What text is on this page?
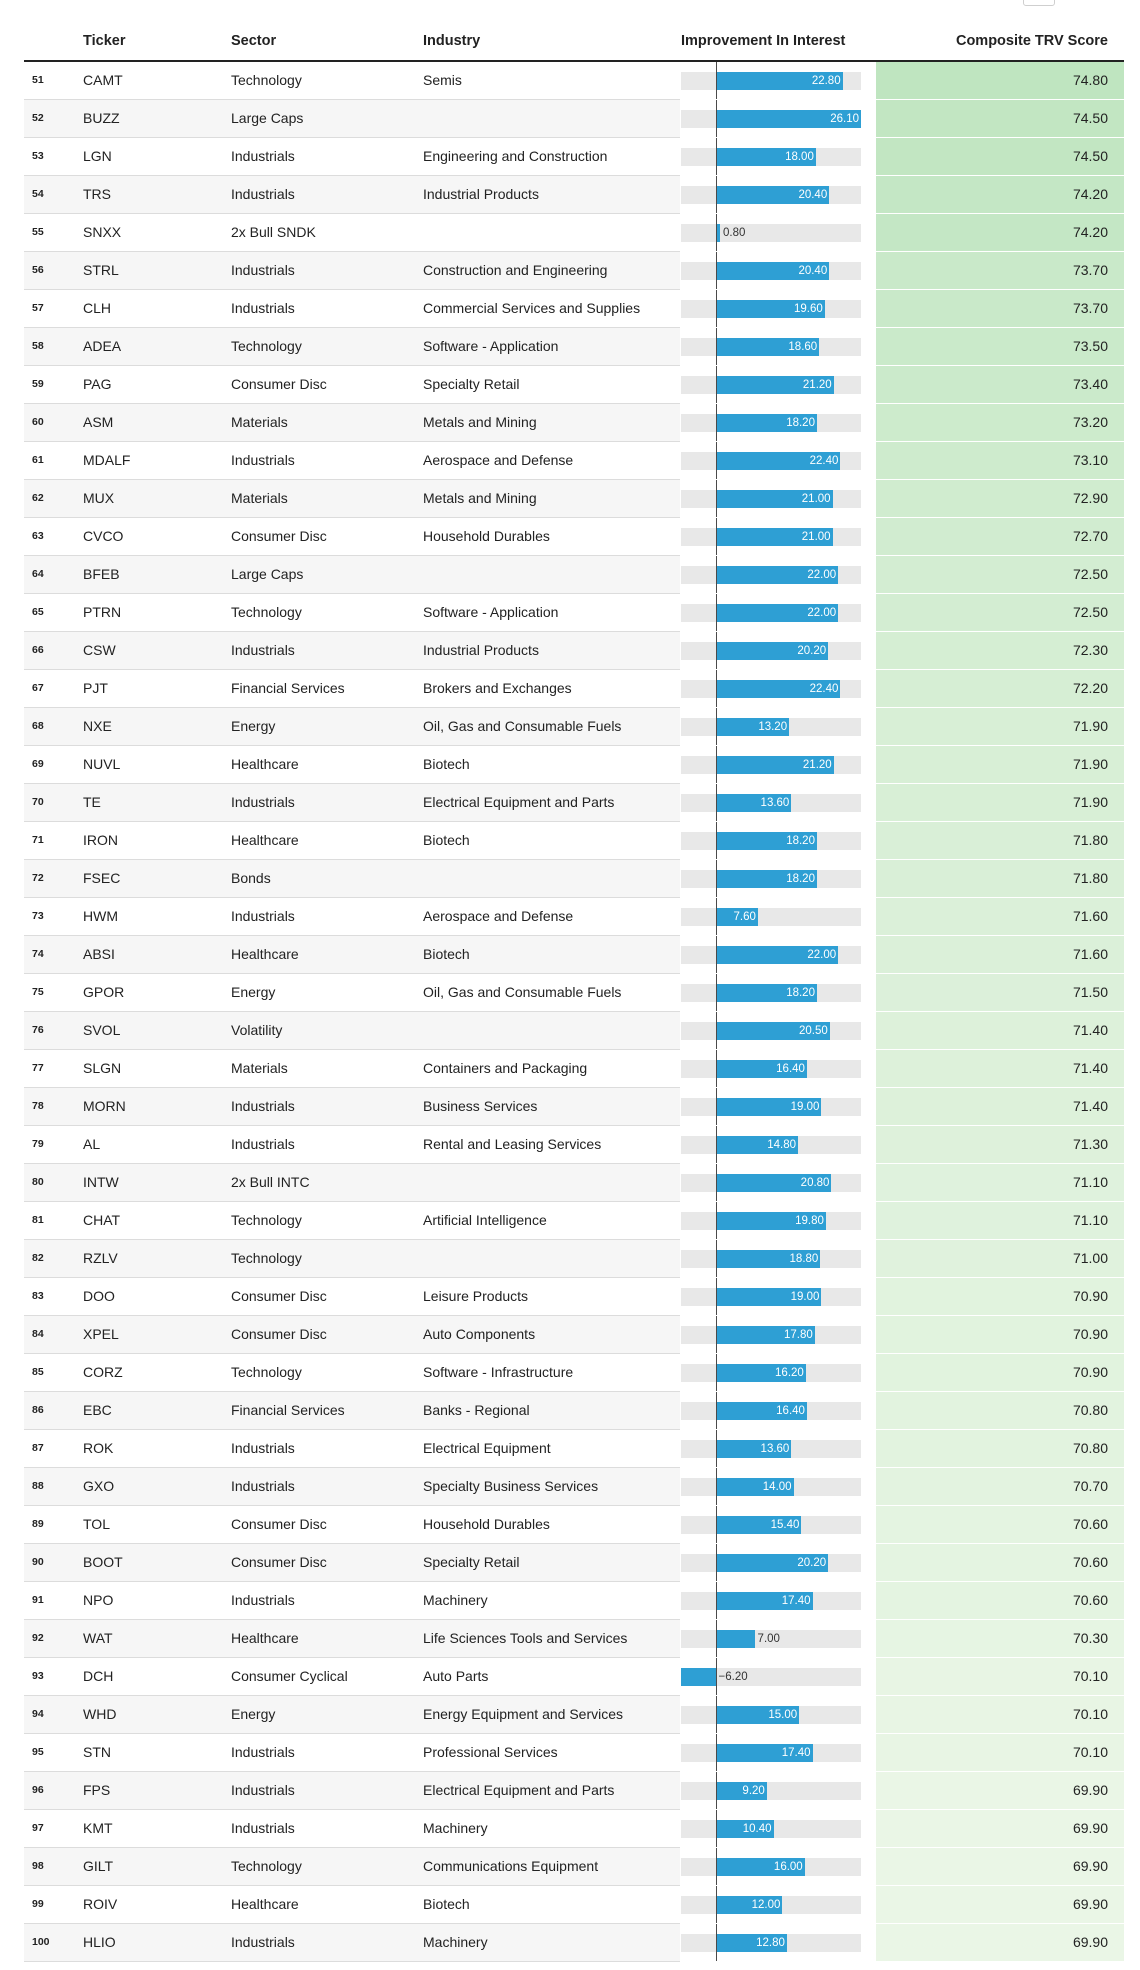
	Ticker	Sector	Industry	Improvement In Interest	Composite TRV Score
51	CAMT	Technology	Semis	22.80	74.80
52	BUZZ	Large Caps		26.10	74.50
53	LGN	Industrials	Engineering and Construction	18.00	74.50
54	TRS	Industrials	Industrial Products	20.40	74.20
55	SNXX	2x Bull SNDK		0.80	74.20
56	STRL	Industrials	Construction and Engineering	20.40	73.70
57	CLH	Industrials	Commercial Services and Supplies	19.60	73.70
58	ADEA	Technology	Software - Application	18.60	73.50
59	PAG	Consumer Disc	Specialty Retail	21.20	73.40
60	ASM	Materials	Metals and Mining	18.20	73.20
61	MDALF	Industrials	Aerospace and Defense	22.40	73.10
62	MUX	Materials	Metals and Mining	21.00	72.90
63	CVCO	Consumer Disc	Household Durables	21.00	72.70
64	BFEB	Large Caps		22.00	72.50
65	PTRN	Technology	Software - Application	22.00	72.50
66	CSW	Industrials	Industrial Products	20.20	72.30
67	PJT	Financial Services	Brokers and Exchanges	22.40	72.20
68	NXE	Energy	Oil, Gas and Consumable Fuels	13.20	71.90
69	NUVL	Healthcare	Biotech	21.20	71.90
70	TE	Industrials	Electrical Equipment and Parts	13.60	71.90
71	IRON	Healthcare	Biotech	18.20	71.80
72	FSEC	Bonds		18.20	71.80
73	HWM	Industrials	Aerospace and Defense	7.60	71.60
74	ABSI	Healthcare	Biotech	22.00	71.60
75	GPOR	Energy	Oil, Gas and Consumable Fuels	18.20	71.50
76	SVOL	Volatility		20.50	71.40
77	SLGN	Materials	Containers and Packaging	16.40	71.40
78	MORN	Industrials	Business Services	19.00	71.40
79	AL	Industrials	Rental and Leasing Services	14.80	71.30
80	INTW	2x Bull INTC		20.80	71.10
81	CHAT	Technology	Artificial Intelligence	19.80	71.10
82	RZLV	Technology		18.80	71.00
83	DOO	Consumer Disc	Leisure Products	19.00	70.90
84	XPEL	Consumer Disc	Auto Components	17.80	70.90
85	CORZ	Technology	Software - Infrastructure	16.20	70.90
86	EBC	Financial Services	Banks - Regional	16.40	70.80
87	ROK	Industrials	Electrical Equipment	13.60	70.80
88	GXO	Industrials	Specialty Business Services	14.00	70.70
89	TOL	Consumer Disc	Household Durables	15.40	70.60
90	BOOT	Consumer Disc	Specialty Retail	20.20	70.60
91	NPO	Industrials	Machinery	17.40	70.60
92	WAT	Healthcare	Life Sciences Tools and Services	7.00	70.30
93	DCH	Consumer Cyclical	Auto Parts	−6.20	70.10
94	WHD	Energy	Energy Equipment and Services	15.00	70.10
95	STN	Industrials	Professional Services	17.40	70.10
96	FPS	Industrials	Electrical Equipment and Parts	9.20	69.90
97	KMT	Industrials	Machinery	10.40	69.90
98	GILT	Technology	Communications Equipment	16.00	69.90
99	ROIV	Healthcare	Biotech	12.00	69.90
100	HLIO	Industrials	Machinery	12.80	69.90
